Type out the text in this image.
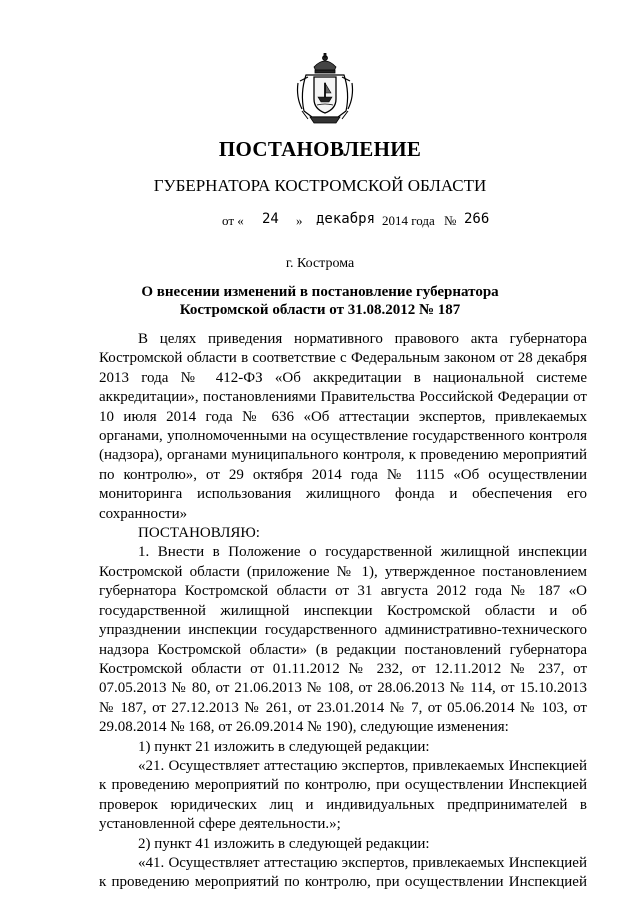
ПОСТАНОВЛЕНИЕ
ГУБЕРНАТОРА КОСТРОМСКОЙ ОБЛАСТИ
от « 24 » декабря 2014 года № 266
г. Кострома
О внесении изменений в постановление губернатора
Костромской области от 31.08.2012 № 187

В целях приведения нормативного правового акта губернатора Костромской области в соответствие с Федеральным законом от 28 декабря 2013 года № 412-ФЗ «Об аккредитации в национальной системе аккредитации», постановлениями Правительства Российской Федерации от 10 июля 2014 года № 636 «Об аттестации экспертов, привлекаемых органами, уполномоченными на осуществление государственного контроля (надзора), органами муниципального контроля, к проведению мероприятий по контролю», от 29 октября 2014 года № 1115 «Об осуществлении мониторинга использования жилищного фонда и обеспечения его сохранности»

ПОСТАНОВЛЯЮ:

1. Внести в Положение о государственной жилищной инспекции Костромской области (приложение № 1), утвержденное постановлением губернатора Костромской области от 31 августа 2012 года № 187 «О государственной жилищной инспекции Костромской области и об упразднении инспекции государственного административно-технического надзора Костромской области» (в редакции постановлений губернатора Костромской области от 01.11.2012 № 232, от 12.11.2012 № 237, от 07.05.2013 № 80, от 21.06.2013 № 108, от 28.06.2013 № 114, от 15.10.2013 № 187, от 27.12.2013 № 261, от 23.01.2014 № 7, от 05.06.2014 № 103, от 29.08.2014 № 168, от 26.09.2014 № 190), следующие изменения:

1) пункт 21 изложить в следующей редакции:

«21. Осуществляет аттестацию экспертов, привлекаемых Инспекцией к проведению мероприятий по контролю, при осуществлении Инспекцией проверок юридических лиц и индивидуальных предпринимателей в установленной сфере деятельности.»;

2) пункт 41 изложить в следующей редакции:

«41. Осуществляет аттестацию экспертов, привлекаемых Инспекцией к проведению мероприятий по контролю, при осуществлении Инспекцией
